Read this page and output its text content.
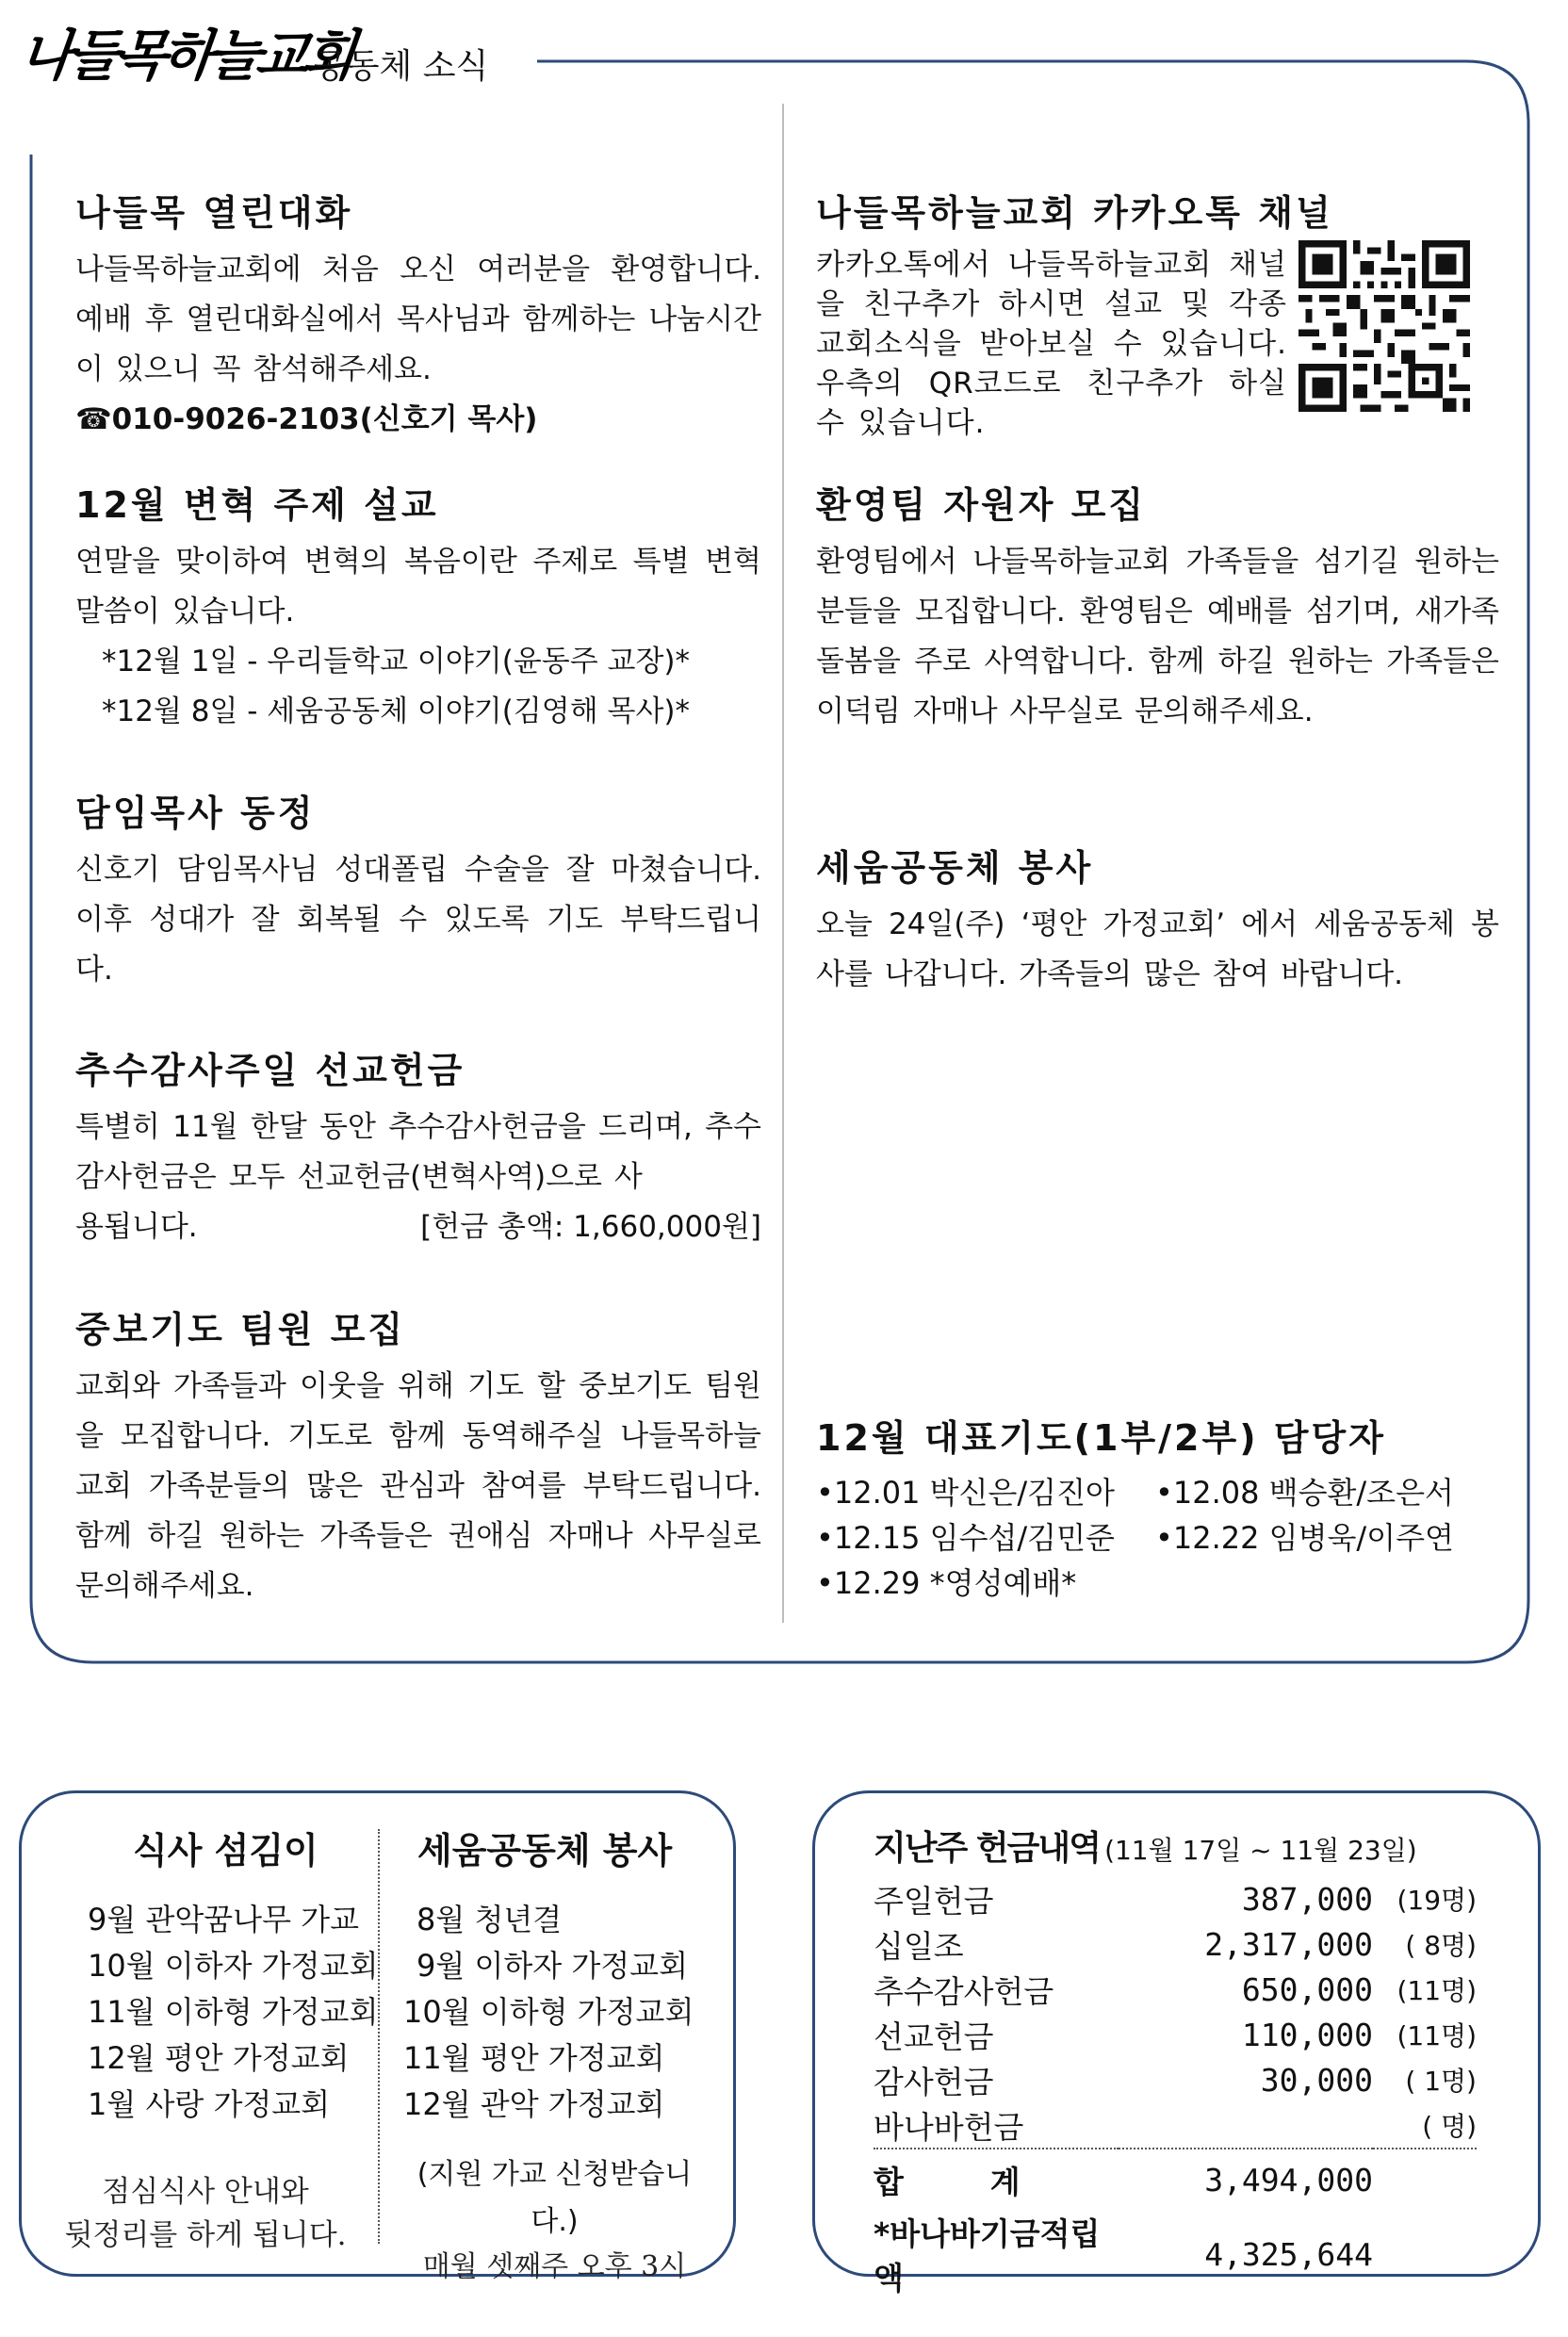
나들목하늘교회
공동체 소식
나들목 열린대화

나들목하늘교회에 처음 오신 여러분을 환영합니다. 예배 후 열린대화실에서 목사님과 함께하는 나눔시간이 있으니 꼭 참석해주세요.

☎010-9026-2103(신호기 목사)
12월 변혁 주제 설교

연말을 맞이하여 변혁의 복음이란 주제로 특별 변혁 말씀이 있습니다.

*12월 1일 - 우리들학교 이야기(윤동주 교장)*
*12월 8일 - 세움공동체 이야기(김영해 목사)*
담임목사 동정

신호기 담임목사님 성대폴립 수술을 잘 마쳤습니다. 이후 성대가 잘 회복될 수 있도록 기도 부탁드립니다.

추수감사주일 선교헌금

특별히 11월 한달 동안 추수감사헌금을 드리며, 추수감사헌금은 모두 선교헌금(변혁사역)으로 사

용됩니다.	[헌금 총액: 1,660,000원]
중보기도 팀원 모집

교회와 가족들과 이웃을 위해 기도 할 중보기도 팀원을 모집합니다. 기도로 함께 동역해주실 나들목하늘교회 가족분들의 많은 관심과 참여를 부탁드립니다. 함께 하길 원하는 가족들은 권애심 자매나 사무실로 문의해주세요.

나들목하늘교회 카카오톡 채널

카카오톡에서 나들목하늘교회 채널을 친구추가 하시면 설교 및 각종 교회소식을 받아보실 수 있습니다. 우측의 QR코드로 친구추가 하실 수 있습니다.

환영팀 자원자 모집

환영팀에서 나들목하늘교회 가족들을 섬기길 원하는 분들을 모집합니다. 환영팀은 예배를 섬기며, 새가족 돌봄을 주로 사역합니다. 함께 하길 원하는 가족들은 이덕림 자매나 사무실로 문의해주세요.

세움공동체 봉사

오늘 24일(주) ‘평안 가정교회’ 에서 세움공동체 봉사를 나갑니다. 가족들의 많은 참여 바랍니다.

12월 대표기도(1부/2부) 담당자
•12.01 박신은/김진아	•12.08 백승환/조은서
•12.15 임수섭/김민준	•12.22 임병욱/이주연
•12.29 *영성예배*
식사 섬김이
9월 관악꿈나무 가교
10월 이하자 가정교회
11월 이하형 가정교회
12월 평안 가정교회
1월 사랑 가정교회
점심식사 안내와
뒷정리를 하게 됩니다.
세움공동체 봉사
8월 청년결
9월 이하자 가정교회
10월 이하형 가정교회
11월 평안 가정교회
12월 관악 가정교회
(지원 가교 신청받습니다.)
매월 셋째주 오후 3시
지난주 헌금내역 (11월 17일 ~ 11월 23일)
주일헌금	387,000	(19명)
십일조	2,317,000	( 8명)
추수감사헌금	650,000	(11명)
선교헌금	110,000	(11명)
감사헌금	30,000	( 1명)
바나바헌금		( 명)
합        계	3,494,000	
*바나바기금적립액	4,325,644	
